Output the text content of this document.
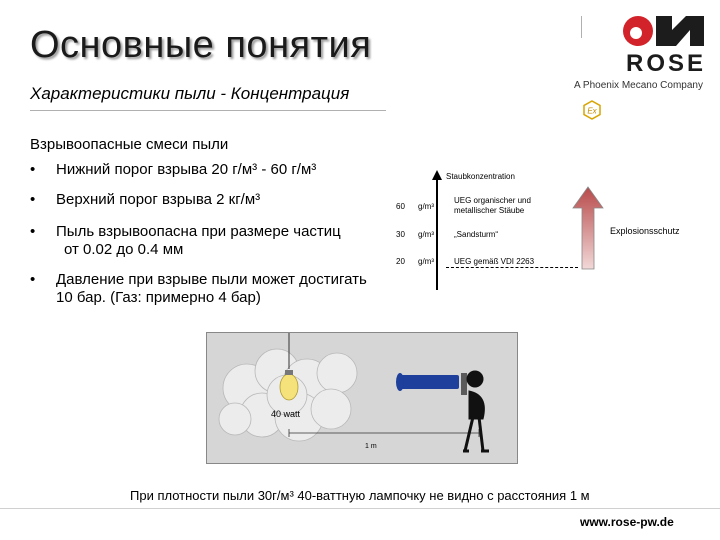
Основные понятия
Характеристики пыли - Концентрация
ROSE
A Phoenix Mecano Company
Ex
Взрывоопасные смеси пыли
• Нижний порог взрыва 20 г/м³ - 60 г/м³
• Верхний порог взрыва 2 кг/м³
• Пыль взрывоопасна при размере частиц
от 0.02 до 0.4 мм
• Давление при взрыве пыли может достигать
10 бар. (Газ: примерно 4 бар)
Staubkonzentration
Explosionsschutz
60 g/m³
UEG organischer und
metallischer Stäube
30 g/m³	„Sandsturm“
20 g/m³	UEG gemäß VDI 2263
40 watt
1 m
При плотности пыли 30г/м³ 40-ваттную лампочку не видно с расстояния 1 м
www.rose-pw.de
